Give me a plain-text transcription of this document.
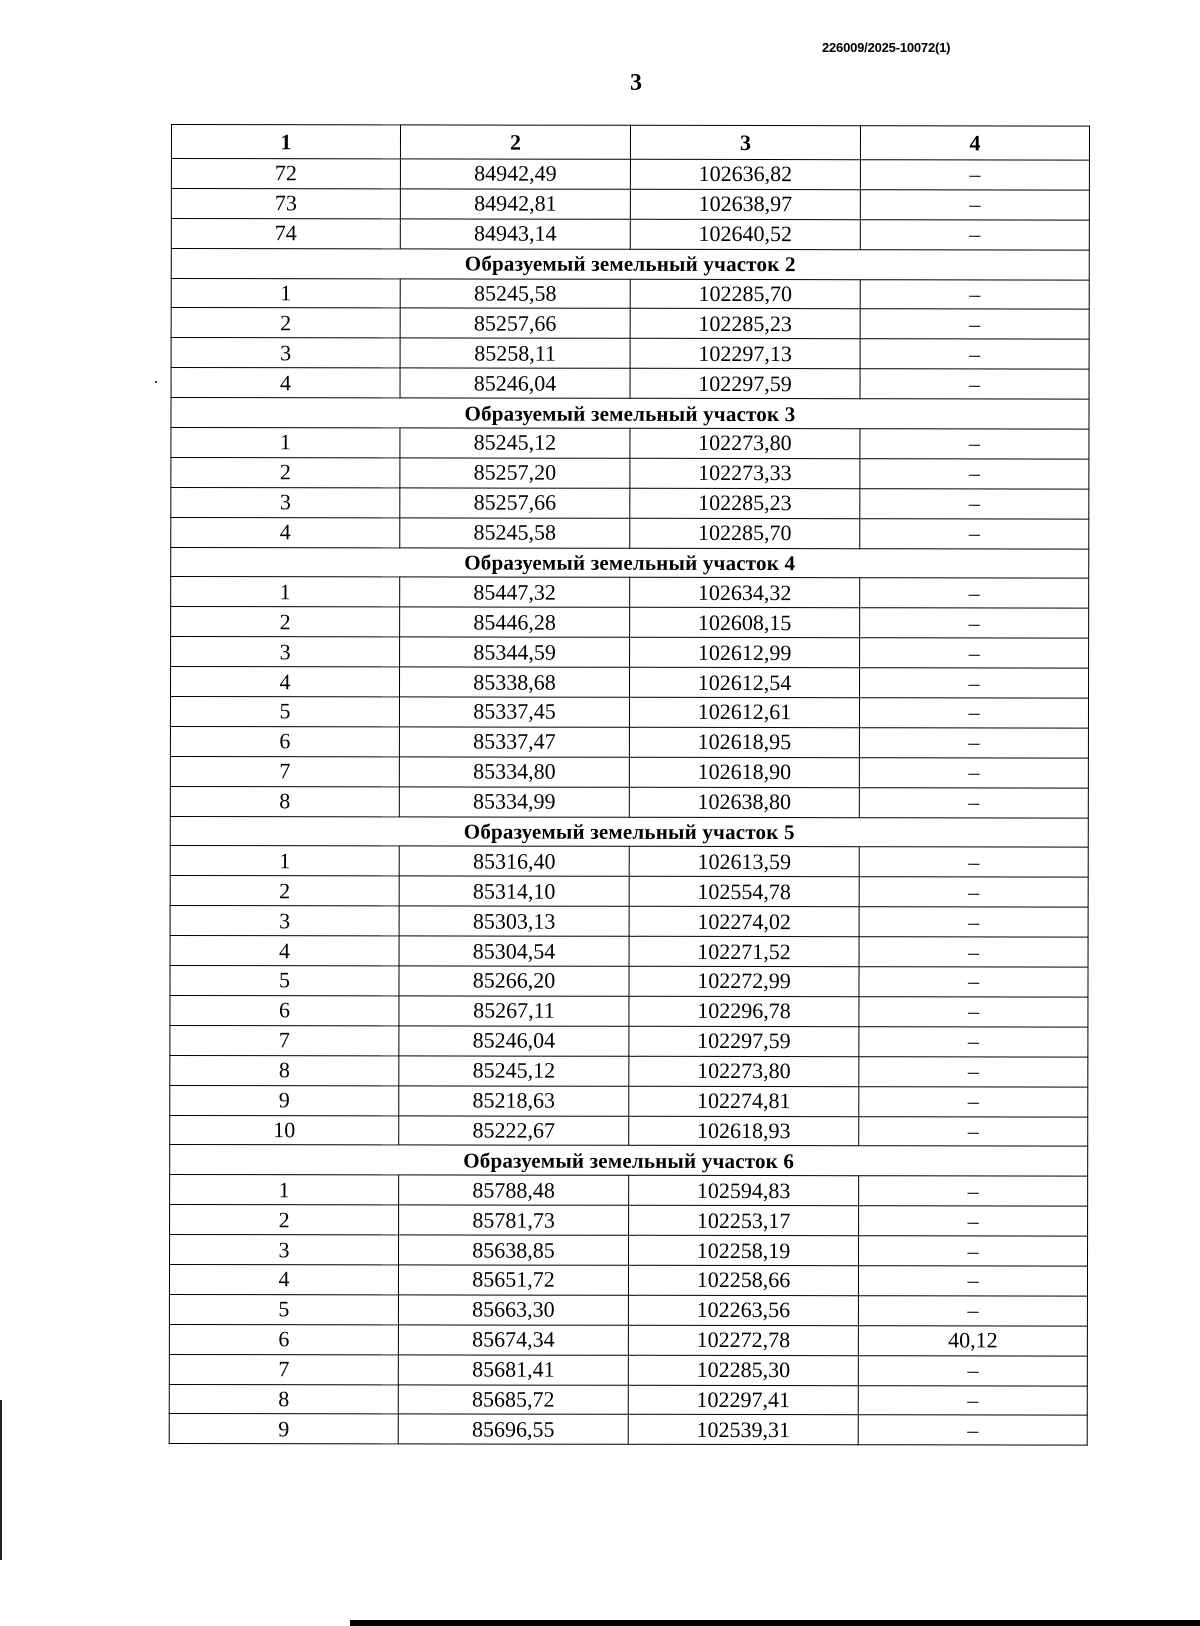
226009/2025-10072(1)
3
1	2	3	4
72	84942,49	102636,82	–
73	84942,81	102638,97	–
74	84943,14	102640,52	–
Образуемый земельный участок 2			
1	85245,58	102285,70	–
2	85257,66	102285,23	–
3	85258,11	102297,13	–
4	85246,04	102297,59	–
Образуемый земельный участок 3			
1	85245,12	102273,80	–
2	85257,20	102273,33	–
3	85257,66	102285,23	–
4	85245,58	102285,70	–
Образуемый земельный участок 4			
1	85447,32	102634,32	–
2	85446,28	102608,15	–
3	85344,59	102612,99	–
4	85338,68	102612,54	–
5	85337,45	102612,61	–
6	85337,47	102618,95	–
7	85334,80	102618,90	–
8	85334,99	102638,80	–
Образуемый земельный участок 5			
1	85316,40	102613,59	–
2	85314,10	102554,78	–
3	85303,13	102274,02	–
4	85304,54	102271,52	–
5	85266,20	102272,99	–
6	85267,11	102296,78	–
7	85246,04	102297,59	–
8	85245,12	102273,80	–
9	85218,63	102274,81	–
10	85222,67	102618,93	–
Образуемый земельный участок 6			
1	85788,48	102594,83	–
2	85781,73	102253,17	–
3	85638,85	102258,19	–
4	85651,72	102258,66	–
5	85663,30	102263,56	–
6	85674,34	102272,78	40,12
7	85681,41	102285,30	–
8	85685,72	102297,41	–
9	85696,55	102539,31	–
